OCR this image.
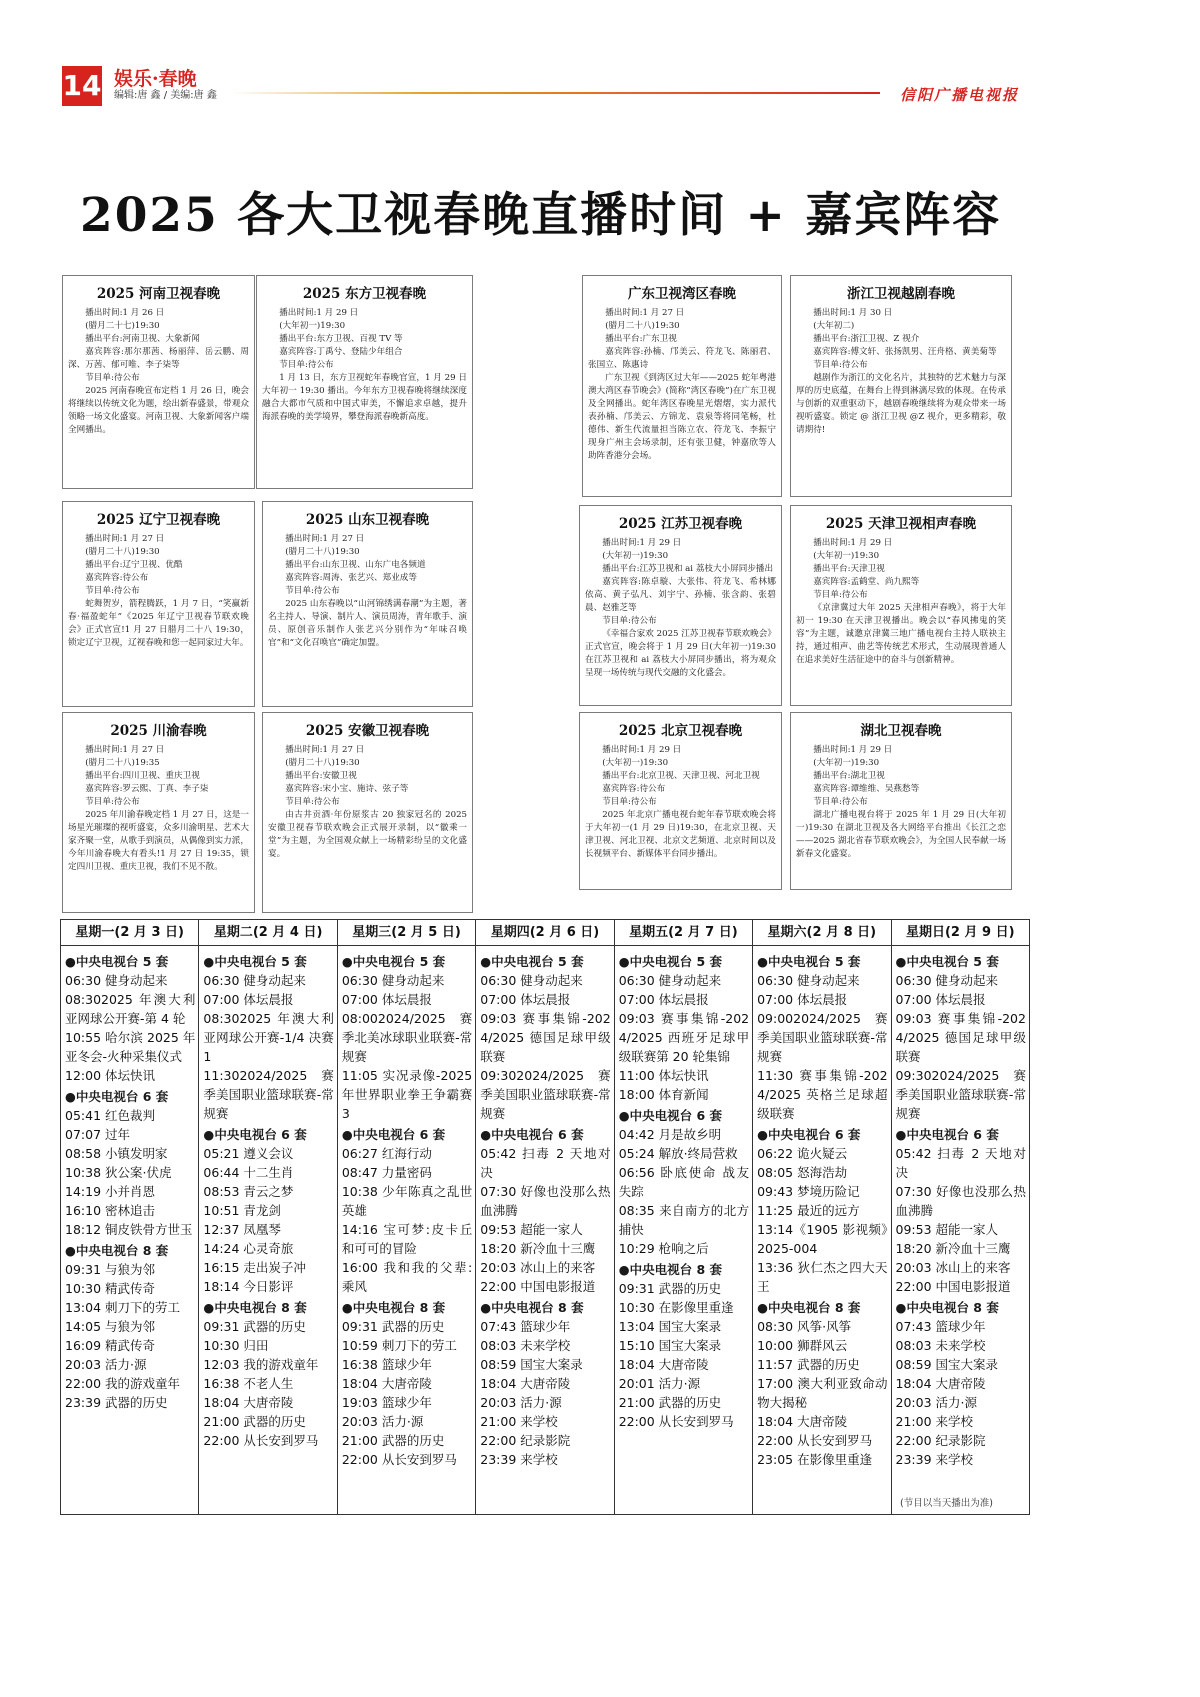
14 娱乐·春晚
编辑:唐 鑫 / 美编:唐 鑫	信阳广播电视报
2025 各大卫视春晚直播时间 + 嘉宾阵容
2025 河南卫视春晚

播出时间:1 月 26 日

(腊月二十七)19:30

播出平台:河南卫视、大象新闻

嘉宾阵容:那尔那茜、杨丽萍、岳云鹏、周深、万茜、郁可唯、李子柒等

节目单:待公布

2025 河南春晚宣布定档 1 月 26 日，晚会将继续以传统文化为题，绘出新春盛景，带观众领略一场文化盛宴。河南卫视、大象新闻客户端全网播出。

2025 东方卫视春晚

播出时间:1 月 29 日

(大年初一)19:30

播出平台:东方卫视、百视 TV 等

嘉宾阵容:丁禹兮、登陆少年组合

节目单:待公布

1 月 13 日，东方卫视蛇年春晚官宣，1 月 29 日大年初一 19:30 播出。今年东方卫视春晚将继续深度融合大都市气质和中国式审美，不懈追求卓越，提升海派春晚的美学境界，攀登海派春晚新高度。

2025 辽宁卫视春晚

播出时间:1 月 27 日

(腊月二十八)19:30

播出平台:辽宁卫视、优酷

嘉宾阵容:待公布

节目单:待公布

蛇舞贺岁，箭程腾跃，1 月 7 日，“笑赢新春·福盈蛇年”《2025 年辽宁卫视春节联欢晚会》正式官宣!1 月 27 日腊月二十八 19:30，锁定辽宁卫视，辽视春晚和您一起同家过大年。

2025 山东卫视春晚

播出时间:1 月 27 日

(腊月二十八)19:30

播出平台:山东卫视、山东广电各频道

嘉宾阵容:周涛、张艺兴、郑业成等

节目单:待公布

2025 山东春晚以“山河锦绣满春潮”为主题，著名主持人、导演、制片人、演员周涛，青年歌手、演员、原创音乐制作人张艺兴分别作为“年味召唤官”和“文化召唤官”确定加盟。

2025 川渝春晚

播出时间:1 月 27 日

(腊月二十八)19:35

播出平台:四川卫视、重庆卫视

嘉宾阵容:罗云熙、丁真、李子柒

节目单:待公布

2025 年川渝春晚定档 1 月 27 日，这是一场星光璀璨的视听盛宴，众多川渝明星、艺术大家齐聚一堂，从歌手到演员，从偶像到实力派，今年川渝春晚大有看头!1 月 27 日 19:35，锁定四川卫视、重庆卫视，我们不见不散。

2025 安徽卫视春晚

播出时间:1 月 27 日

(腊月二十八)19:30

播出平台:安徽卫视

嘉宾阵容:宋小宝、施诗、弦子等

节目单:待公布

由古井贡酒·年份原浆古 20 独家冠名的 2025 安徽卫视春节联欢晚会正式展开录制，以“徽乘一堂”为主题，为全国观众献上一场精彩纷呈的文化盛宴。

广东卫视湾区春晚

播出时间:1 月 27 日

(腊月二十八)19:30

播出平台:广东卫视

嘉宾阵容:孙楠、邝美云、符龙飞、陈丽君、张国立、陈惠诗

广东卫视《到湾区过大年——2025 蛇年粤港澳大湾区春节晚会》(简称“湾区春晚”)在广东卫视及全网播出。蛇年湾区春晚星光熠熠，实力派代表孙楠、邝美云、方锦龙、袁泉等将同笔畅，杜德伟、新生代流量担当陈立农、符龙飞、李振宁现身广州主会场录制，还有张卫健，钟嘉欣等人助阵香港分会场。

浙江卫视越剧春晚

播出时间:1 月 30 日

(大年初二)

播出平台:浙江卫视、Z 视介

嘉宾阵容:傅文轩、张扬凯男、汪舟格、黄美菊等

节目单:待公布

越剧作为浙江的文化名片，其独特的艺术魅力与深厚的历史底蕴，在舞台上得到淋漓尽致的体现。在传承与创新的双重驱动下，越剧春晚继续将为观众带来一场视听盛宴。锁定 @ 浙江卫视 @Z 视介，更多精彩，敬请期待!

2025 江苏卫视春晚

播出时间:1 月 29 日

(大年初一)19:30

播出平台:江苏卫视和 ai 荔枝大小屏同步播出

嘉宾阵容:陈卓璇、大张伟、符龙飞、希林娜依高、黄子弘凡、刘宇宁、孙楠、张含韵、张碧晨、赵雅芝等

节目单:待公布

《幸福合家欢 2025 江苏卫视春节联欢晚会》正式官宣，晚会将于 1 月 29 日(大年初一)19:30 在江苏卫视和 ai 荔枝大小屏同步播出，将为观众呈现一场传统与现代交融的文化盛会。

2025 天津卫视相声春晚

播出时间:1 月 29 日

(大年初一)19:30

播出平台:天津卫视

嘉宾阵容:孟鹤堂、尚九熙等

节目单:待公布

《京津冀过大年 2025 天津相声春晚》，将于大年初一 19:30 在天津卫视播出。晚会以“春风拂鬼的笑容”为主题，诚邀京津冀三地广播电视台主持人联袂主持，通过相声、曲艺等传统艺术形式，生动展现普通人在追求美好生活征途中的奋斗与创新精神。

2025 北京卫视春晚

播出时间:1 月 29 日

(大年初一)19:30

播出平台:北京卫视、天津卫视、河北卫视

嘉宾阵容:待公布

节目单:待公布

2025 年北京广播电视台蛇年春节联欢晚会将于大年初一(1 月 29 日)19:30，在北京卫视、天津卫视、河北卫视、北京文艺频道、北京时间以及长视频平台、新媒体平台同步播出。

湖北卫视春晚

播出时间:1 月 29 日

(大年初一)19:30

播出平台:湖北卫视

嘉宾阵容:谭维维、吴燕愁等

节目单:待公布

湖北广播电视台将于 2025 年 1 月 29 日(大年初一)19:30 在湖北卫视及各大网络平台推出《长江之恋——2025 湖北省春节联欢晚会》，为全国人民奉献一场新春文化盛宴。

星期一(2 月 3 日)
●中央电视台 5 套
06:30 健身动起来
08:302025 年澳大利亚网球公开赛-第 4 轮
10:55 哈尔滨 2025 年亚冬会-火种采集仪式
12:00 体坛快讯
●中央电视台 6 套
05:41 红色裁判
07:07 过年
08:58 小镇发明家
10:38 狄公案·伏虎
14:19 小并肖恩
16:10 密林追击
18:12 铜皮铁骨方世玉
●中央电视台 8 套
09:31 与狼为邻
10:30 精武传奇
13:04 刺刀下的劳工
14:05 与狼为邻
16:09 精武传奇
20:03 活力·源
22:00 我的游戏童年
23:39 武器的历史
星期二(2 月 4 日)
●中央电视台 5 套
06:30 健身动起来
07:00 体坛晨报
08:302025 年澳大利亚网球公开赛-1/4 决赛 1
11:302024/2025 赛季美国职业篮球联赛-常规赛
●中央电视台 6 套
05:21 遵义会议
06:44 十二生肖
08:53 青云之梦
10:51 青龙剑
12:37 凤凰琴
14:24 心灵奇旅
16:15 走出炭子冲
18:14 今日影评
●中央电视台 8 套
09:31 武器的历史
10:30 归田
12:03 我的游戏童年
16:38 不老人生
18:04 大唐帝陵
21:00 武器的历史
22:00 从长安到罗马
星期三(2 月 5 日)
●中央电视台 5 套
06:30 健身动起来
07:00 体坛晨报
08:002024/2025 赛季北美冰球职业联赛-常规赛
11:05 实况录像-2025 年世界职业拳王争霸赛 3
●中央电视台 6 套
06:27 红海行动
08:47 力量密码
10:38 少年陈真之乱世英雄
14:16 宝可梦:皮卡丘和可可的冒险
16:00 我和我的父辈:乘风
●中央电视台 8 套
09:31 武器的历史
10:59 刺刀下的劳工
16:38 篮球少年
18:04 大唐帝陵
19:03 篮球少年
20:03 活力·源
21:00 武器的历史
22:00 从长安到罗马
星期四(2 月 6 日)
●中央电视台 5 套
06:30 健身动起来
07:00 体坛晨报
09:03 赛事集锦-2024/2025 德国足球甲级联赛
09:302024/2025 赛季美国职业篮球联赛-常规赛
●中央电视台 6 套
05:42 扫毒 2 天地对决
07:30 好像也没那么热血沸腾
09:53 超能一家人
18:20 新冷血十三鹰
20:03 冰山上的来客
22:00 中国电影报道
●中央电视台 8 套
07:43 篮球少年
08:03 未来学校
08:59 国宝大案录
18:04 大唐帝陵
20:03 活力·源
21:00 来学校
22:00 纪录影院
23:39 来学校
星期五(2 月 7 日)
●中央电视台 5 套
06:30 健身动起来
07:00 体坛晨报
09:03 赛事集锦-2024/2025 西班牙足球甲级联赛第 20 轮集锦
11:00 体坛快讯
18:00 体育新闻
●中央电视台 6 套
04:42 月是故乡明
05:24 解放·终局营救
06:56 卧底使命 战友失踪
08:35 来自南方的北方捕快
10:29 枪响之后
●中央电视台 8 套
09:31 武器的历史
10:30 在影像里重逢
13:04 国宝大案录
15:10 国宝大案录
18:04 大唐帝陵
20:01 活力·源
21:00 武器的历史
22:00 从长安到罗马
星期六(2 月 8 日)
●中央电视台 5 套
06:30 健身动起来
07:00 体坛晨报
09:002024/2025 赛季美国职业篮球联赛-常规赛
11:30 赛事集锦-2024/2025 英格兰足球超级联赛
●中央电视台 6 套
06:22 诡火疑云
08:05 怒海浩劫
09:43 梦境历险记
11:25 最近的远方
13:14《1905 影视频》2025-004
13:36 狄仁杰之四大天王
●中央电视台 8 套
08:30 风筝·风筝
10:00 狮群风云
11:57 武器的历史
17:00 澳大利亚致命动物大揭秘
18:04 大唐帝陵
22:00 从长安到罗马
23:05 在影像里重逢
星期日(2 月 9 日)
●中央电视台 5 套
06:30 健身动起来
07:00 体坛晨报
09:03 赛事集锦-2024/2025 德国足球甲级联赛
09:302024/2025 赛季美国职业篮球联赛-常规赛
●中央电视台 6 套
05:42 扫毒 2 天地对决
07:30 好像也没那么热血沸腾
09:53 超能一家人
18:20 新冷血十三鹰
20:03 冰山上的来客
22:00 中国电影报道
●中央电视台 8 套
07:43 篮球少年
08:03 未来学校
08:59 国宝大案录
18:04 大唐帝陵
20:03 活力·源
21:00 来学校
22:00 纪录影院
23:39 来学校
(节目以当天播出为准)
